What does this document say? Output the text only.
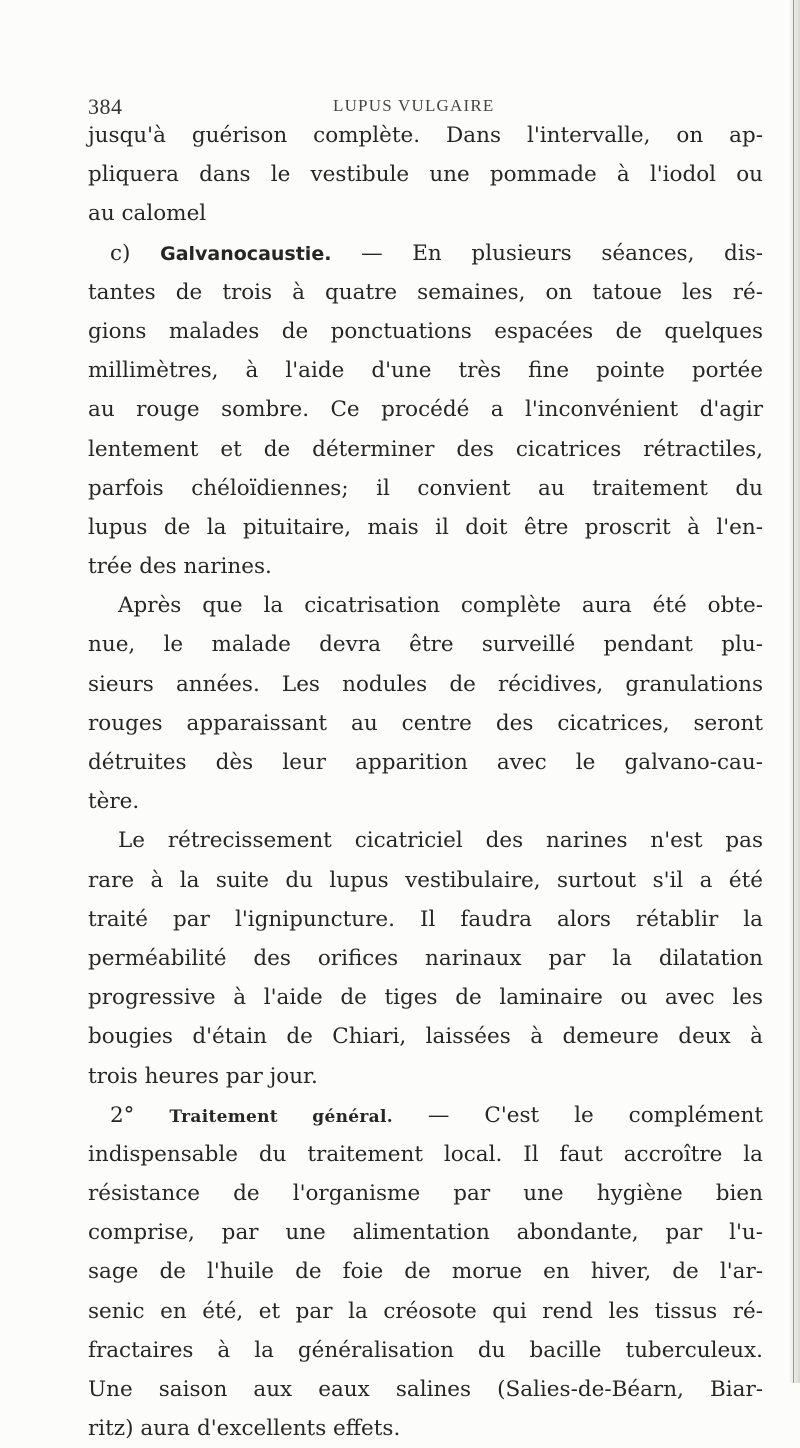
384	LUPUS VULGAIRE
jusqu'à guérison complète. Dans l'intervalle, on ap-
pliquera dans le vestibule une pommade à l'iodol ou
au calomel
c) Galvanocaustie. — En plusieurs séances, dis-
tantes de trois à quatre semaines, on tatoue les ré-
gions malades de ponctuations espacées de quelques
millimètres, à l'aide d'une très fine pointe portée
au rouge sombre. Ce procédé a l'inconvénient d'agir
lentement et de déterminer des cicatrices rétractiles,
parfois chéloïdiennes; il convient au traitement du
lupus de la pituitaire, mais il doit être proscrit à l'en-
trée des narines.
Après que la cicatrisation complète aura été obte-
nue, le malade devra être surveillé pendant plu-
sieurs années. Les nodules de récidives, granulations
rouges apparaissant au centre des cicatrices, seront
détruites dès leur apparition avec le galvano-cau-
tère.
Le rétrecissement cicatriciel des narines n'est pas
rare à la suite du lupus vestibulaire, surtout s'il a été
traité par l'ignipuncture. Il faudra alors rétablir la
perméabilité des orifices narinaux par la dilatation
progressive à l'aide de tiges de laminaire ou avec les
bougies d'étain de Chiari, laissées à demeure deux à
trois heures par jour.
2° Traitement général. — C'est le complément
indispensable du traitement local. Il faut accroître la
résistance de l'organisme par une hygiène bien
comprise, par une alimentation abondante, par l'u-
sage de l'huile de foie de morue en hiver, de l'ar-
senic en été, et par la créosote qui rend les tissus ré-
fractaires à la généralisation du bacille tuberculeux.
Une saison aux eaux salines (Salies-de-Béarn, Biar-
ritz) aura d'excellents effets.
